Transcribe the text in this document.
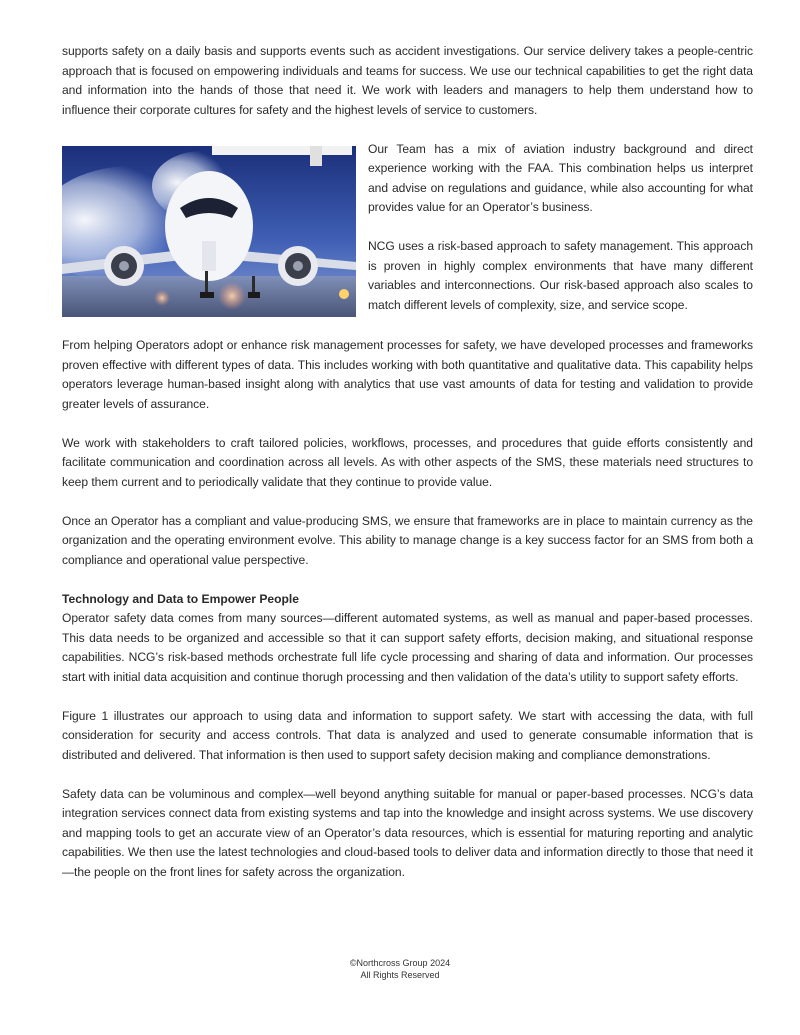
supports safety on a daily basis and supports events such as accident investigations. Our service delivery takes a people-centric approach that is focused on empowering individuals and teams for success. We use our technical capabilities to get the right data and information into the hands of those that need it. We work with leaders and managers to help them understand how to influence their corporate cultures for safety and the highest levels of service to customers.

Our Team has a mix of aviation industry background and direct experience working with the FAA. This combination helps us interpret and advise on regulations and guidance, while also accounting for what provides value for an Operator’s business.

NCG uses a risk-based approach to safety management. This approach is proven in highly complex environments that have many different variables and interconnections. Our risk-based approach also scales to match different levels of complexity, size, and service scope.

From helping Operators adopt or enhance risk management processes for safety, we have developed processes and frameworks proven effective with different types of data. This includes working with both quantitative and qualitative data. This capability helps operators leverage human-based insight along with analytics that use vast amounts of data for testing and validation to provide greater levels of assurance.

We work with stakeholders to craft tailored policies, workflows, processes, and procedures that guide efforts consistently and facilitate communication and coordination across all levels. As with other aspects of the SMS, these materials need structures to keep them current and to periodically validate that they continue to provide value.

Once an Operator has a compliant and value-producing SMS, we ensure that frameworks are in place to maintain currency as the organization and the operating environment evolve. This ability to manage change is a key success factor for an SMS from both a compliance and operational value perspective.

Technology and Data to Empower People

Operator safety data comes from many sources—different automated systems, as well as manual and paper-based processes. This data needs to be organized and accessible so that it can support safety efforts, decision making, and situational response capabilities. NCG’s risk-based methods orchestrate full life cycle processing and sharing of data and information. Our processes start with initial data acquisition and continue thorugh processing and then validation of the data’s utility to support safety efforts.

Figure 1 illustrates our approach to using data and information to support safety. We start with accessing the data, with full consideration for security and access controls. That data is analyzed and used to generate consumable information that is distributed and delivered. That information is then used to support safety decision making and compliance demonstrations.

Safety data can be voluminous and complex—well beyond anything suitable for manual or paper-based processes. NCG’s data integration services connect data from existing systems and tap into the knowledge and insight across systems. We use discovery and mapping tools to get an accurate view of an Operator’s data resources, which is essential for maturing reporting and analytic capabilities. We then use the latest technologies and cloud-based tools to deliver data and information directly to those that need it—the people on the front lines for safety across the organization.

©Northcross Group 2024
All Rights Reserved
